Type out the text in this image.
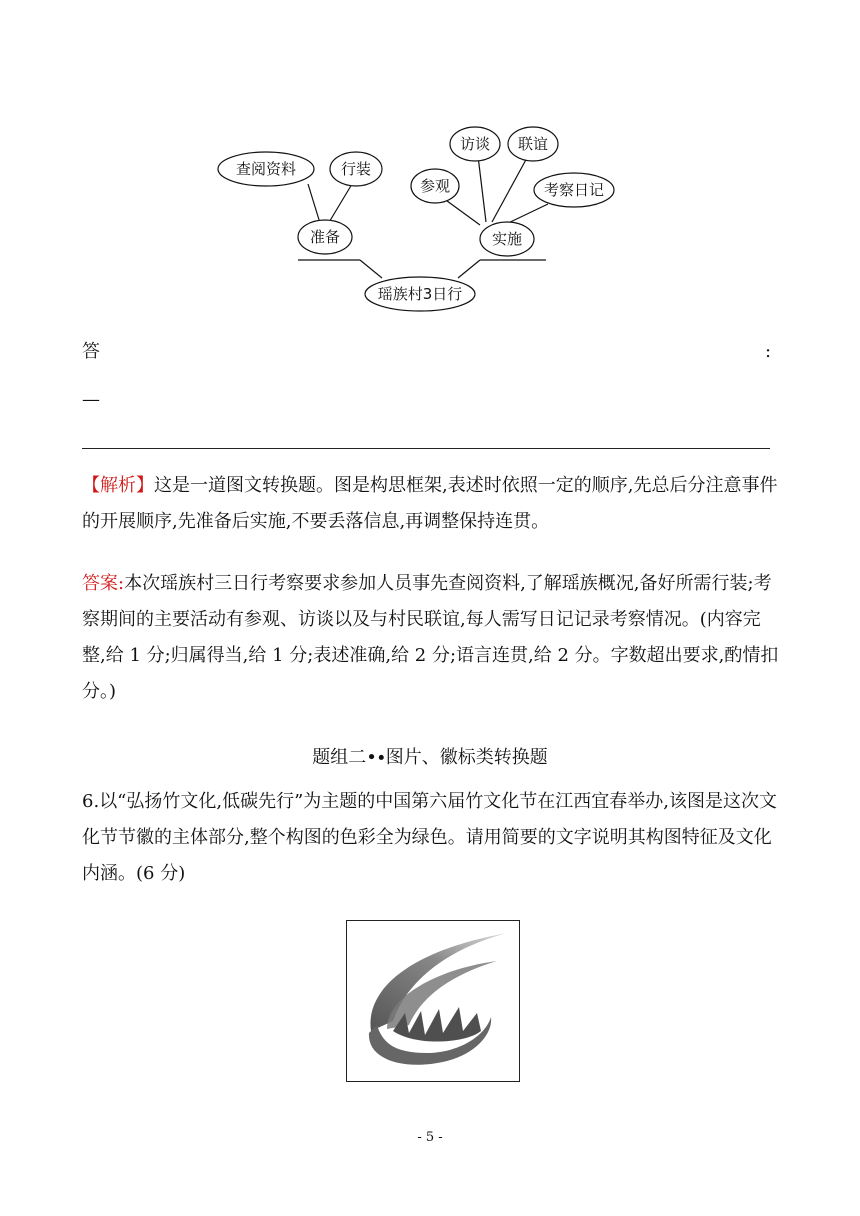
查阅资料	行装
准备
访谈 联谊
参观	考察日记
实施
瑶族村3日行
答	:
—
【解析】这是一道图文转换题。图是构思框架,表述时依照一定的顺序,先总后分注意事件的开展顺序,先准备后实施,不要丢落信息,再调整保持连贯。
答案:本次瑶族村三日行考察要求参加人员事先查阅资料,了解瑶族概况,备好所需行装;考察期间的主要活动有参观、访谈以及与村民联谊,每人需写日记记录考察情况。(内容完整,给 1 分;归属得当,给 1 分;表述准确,给 2 分;语言连贯,给 2 分。字数超出要求,酌情扣分。)
题组二•∙图片、徽标类转换题
6.以“弘扬竹文化,低碳先行”为主题的中国第六届竹文化节在江西宜春举办,该图是这次文化节节徽的主体部分,整个构图的色彩全为绿色。请用简要的文字说明其构图特征及文化内涵。(6 分)
- 5 -
